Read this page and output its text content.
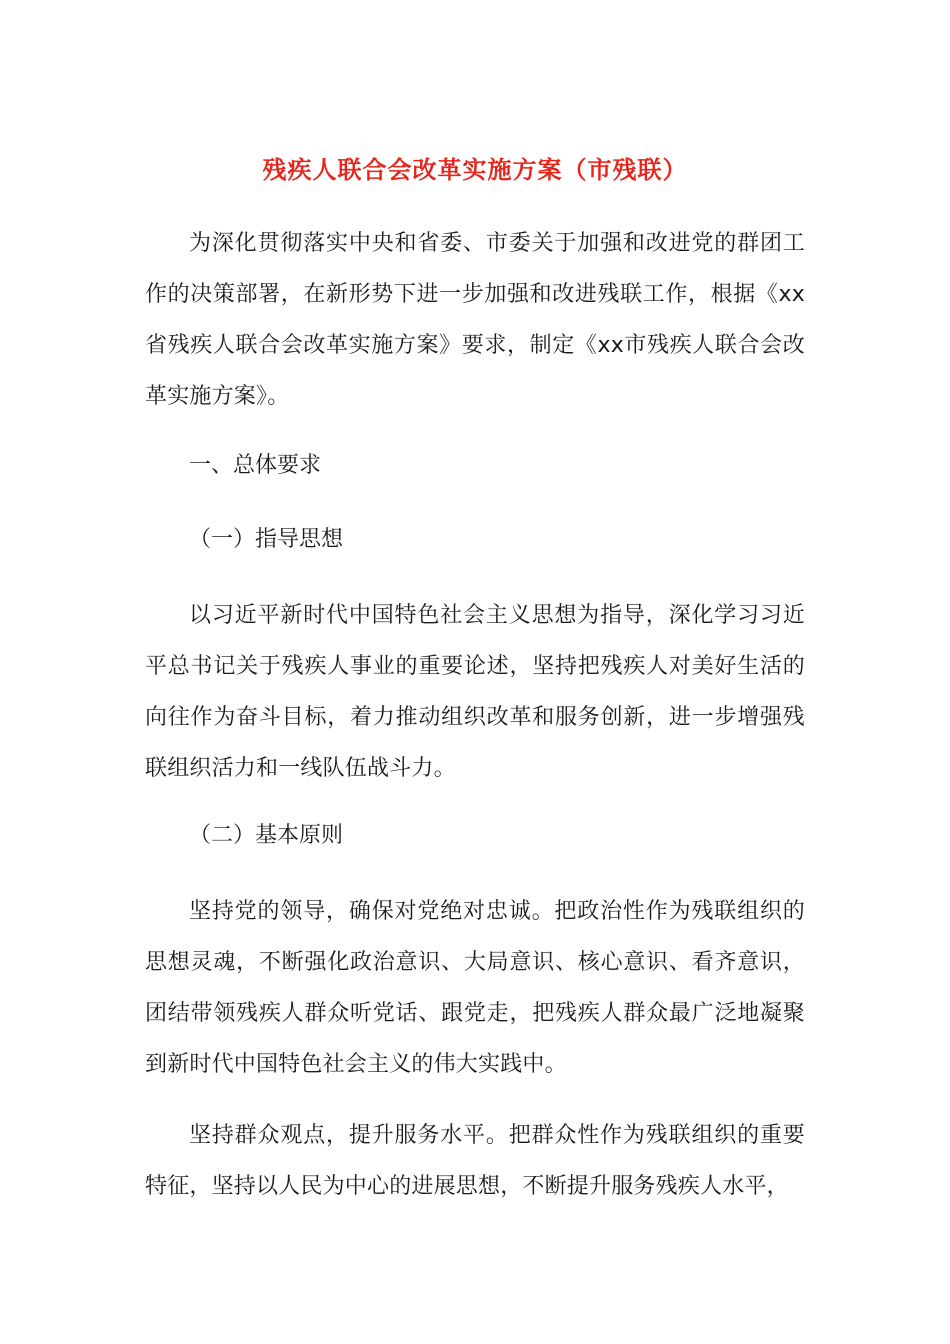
残疾人联合会改革实施方案（市残联）

为深化贯彻落实中央和省委、市委关于加强和改进党的群团工作的决策部署，在新形势下进一步加强和改进残联工作，根据《xx省残疾人联合会改革实施方案》要求，制定《xx市残疾人联合会改革实施方案》。

一、总体要求

（一）指导思想

以习近平新时代中国特色社会主义思想为指导，深化学习习近平总书记关于残疾人事业的重要论述，坚持把残疾人对美好生活的向往作为奋斗目标，着力推动组织改革和服务创新，进一步增强残联组织活力和一线队伍战斗力。

（二）基本原则

坚持党的领导，确保对党绝对忠诚。把政治性作为残联组织的思想灵魂，不断强化政治意识、大局意识、核心意识、看齐意识，团结带领残疾人群众听党话、跟党走，把残疾人群众最广泛地凝聚到新时代中国特色社会主义的伟大实践中。

坚持群众观点，提升服务水平。把群众性作为残联组织的重要特征，坚持以人民为中心的进展思想，不断提升服务残疾人水平，
